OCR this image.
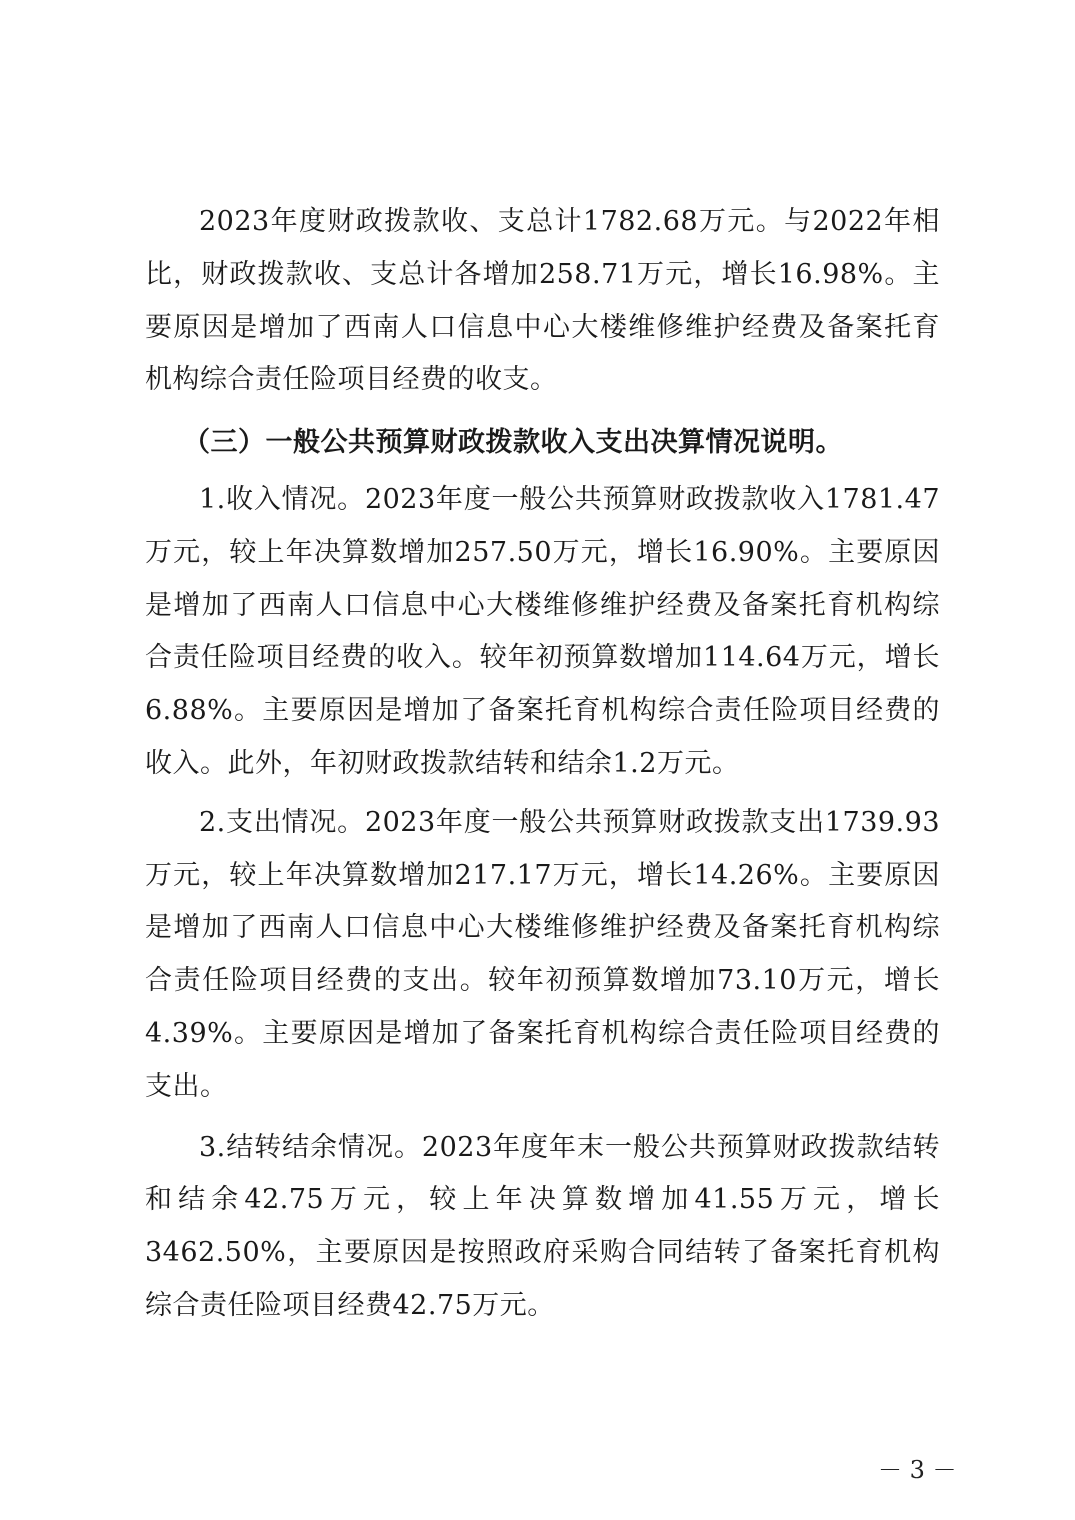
2023年度财政拨款收、支总计1782.68万元。与2022年相比，财政拨款收、支总计各增加258.71万元，增长16.98%。主要原因是增加了西南人口信息中心大楼维修维护经费及备案托育机构综合责任险项目经费的收支。

（三）一般公共预算财政拨款收入支出决算情况说明。

1.收入情况。2023年度一般公共预算财政拨款收入1781.47万元，较上年决算数增加257.50万元，增长16.90%。主要原因是增加了西南人口信息中心大楼维修维护经费及备案托育机构综合责任险项目经费的收入。较年初预算数增加114.64万元，增长6.88%。主要原因是增加了备案托育机构综合责任险项目经费的收入。此外，年初财政拨款结转和结余1.2万元。

2.支出情况。2023年度一般公共预算财政拨款支出1739.93万元，较上年决算数增加217.17万元，增长14.26%。主要原因是增加了西南人口信息中心大楼维修维护经费及备案托育机构综合责任险项目经费的支出。较年初预算数增加73.10万元，增长4.39%。主要原因是增加了备案托育机构综合责任险项目经费的支出。

3.结转结余情况。2023年度年末一般公共预算财政拨款结转和结余42.75万元，较上年决算数增加41.55万元，增长3462.50%，主要原因是按照政府采购合同结转了备案托育机构综合责任险项目经费42.75万元。

－ 3 －
